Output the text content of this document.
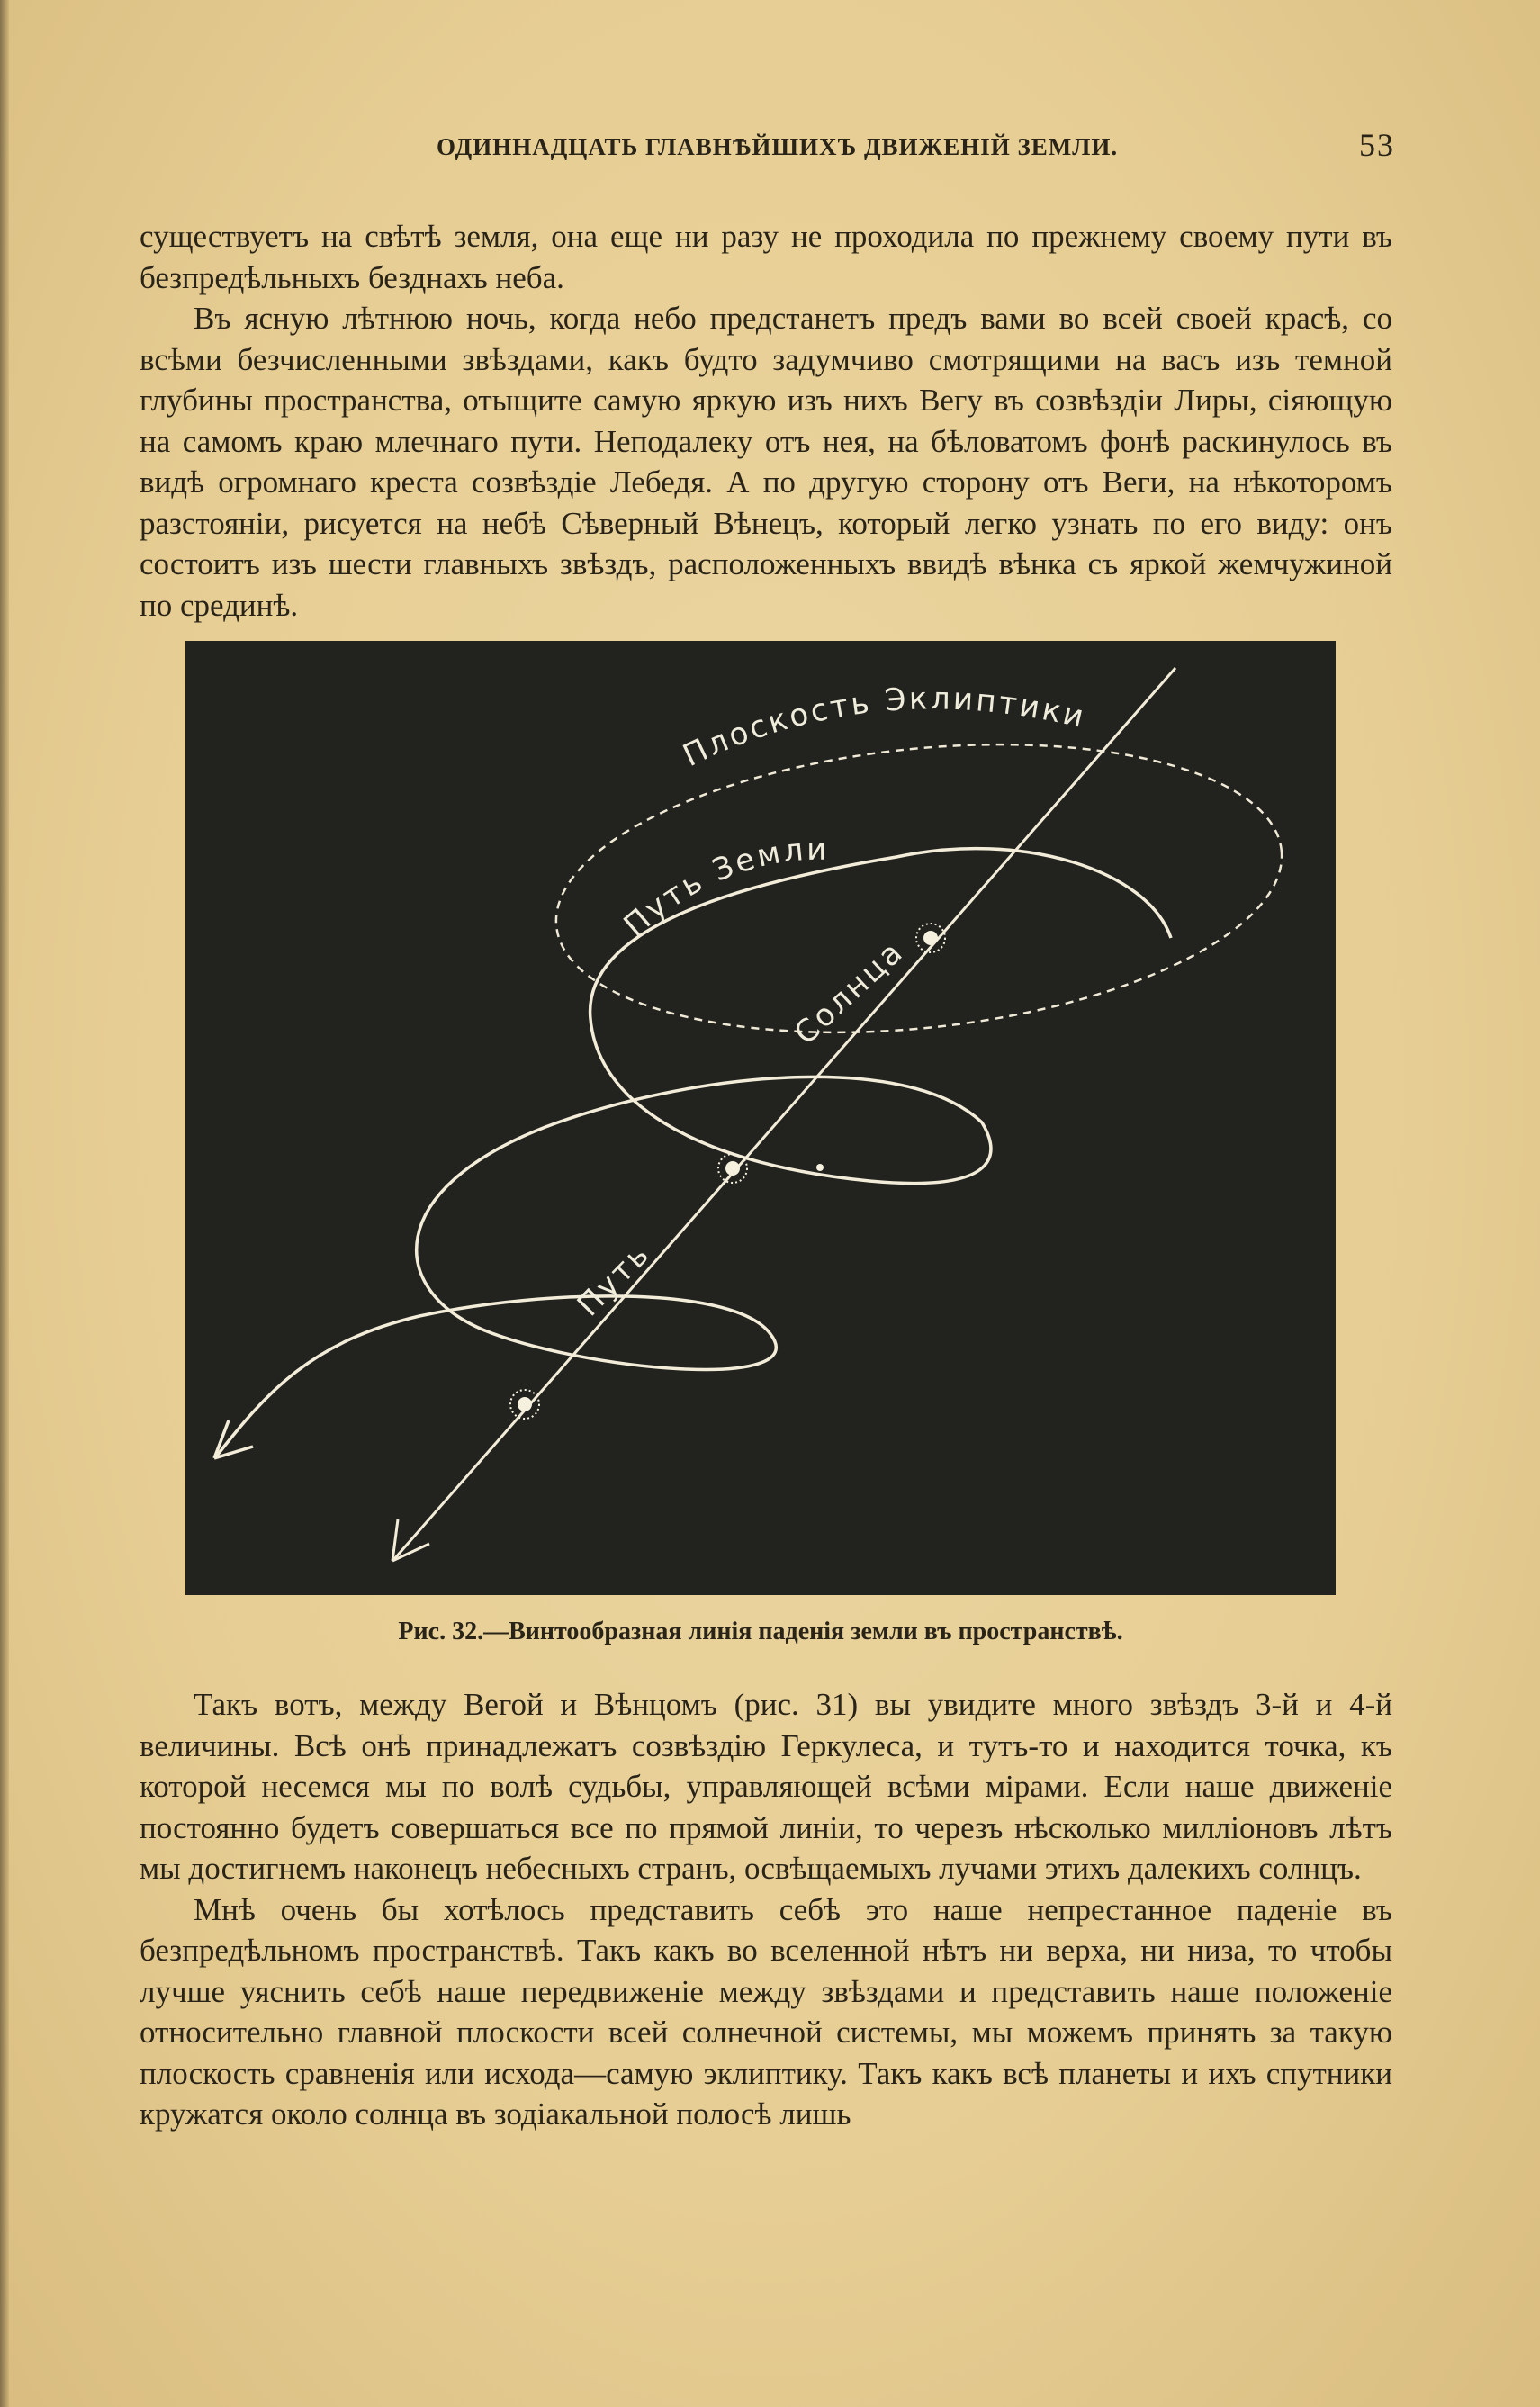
ОДИННАДЦАТЬ ГЛАВНѢЙШИХЪ ДВИЖЕНІЙ ЗЕМЛИ.	53

существуетъ на свѣтѣ земля, она еще ни разу не проходила по прежнему своему пути въ безпредѣльныхъ безднахъ неба.

Въ ясную лѣтнюю ночь, когда небо предстанетъ предъ вами во всей своей красѣ, со всѣми безчисленными звѣздами, какъ будто задумчиво смотрящими на васъ изъ темной глубины пространства, отыщите самую яркую изъ нихъ Вегу въ созвѣздіи Лиры, сіяющую на самомъ краю млечнаго пути. Неподалеку отъ нея, на бѣловатомъ фонѣ раскинулось въ видѣ огромнаго креста созвѣздіе Лебедя. А по другую сторону отъ Веги, на нѣкоторомъ разстояніи, рисуется на небѣ Сѣверный Вѣнецъ, который легко узнать по его виду: онъ состоитъ изъ шести главныхъ звѣздъ, расположенныхъ ввидѣ вѣнка съ яркой жемчужиной по срединѣ.

Плоскость Эклиптики
Путь Земли
Солнца
Путь
Рис. 32.—Винтообразная линія паденія земли въ пространствѣ.

Такъ вотъ, между Вегой и Вѣнцомъ (рис. 31) вы увидите много звѣздъ 3-й и 4-й величины. Всѣ онѣ принадлежатъ созвѣздію Геркулеса, и тутъ-то и находится точка, къ которой несемся мы по волѣ судьбы, управляющей всѣми мірами. Если наше движеніе постоянно будетъ совершаться все по прямой линіи, то черезъ нѣсколько милліоновъ лѣтъ мы достигнемъ наконецъ небесныхъ странъ, освѣщаемыхъ лучами этихъ далекихъ солнцъ.

Мнѣ очень бы хотѣлось представить себѣ это наше непрестанное паденіе въ безпредѣльномъ пространствѣ. Такъ какъ во вселенной нѣтъ ни верха, ни низа, то чтобы лучше уяснить себѣ наше передвиженіе между звѣздами и представить наше положеніе относительно главной плоскости всей солнечной системы, мы можемъ принять за такую плоскость сравненія или исхода—самую эклиптику. Такъ какъ всѣ планеты и ихъ спутники кружатся около солнца въ зодіакальной полосѣ лишь
